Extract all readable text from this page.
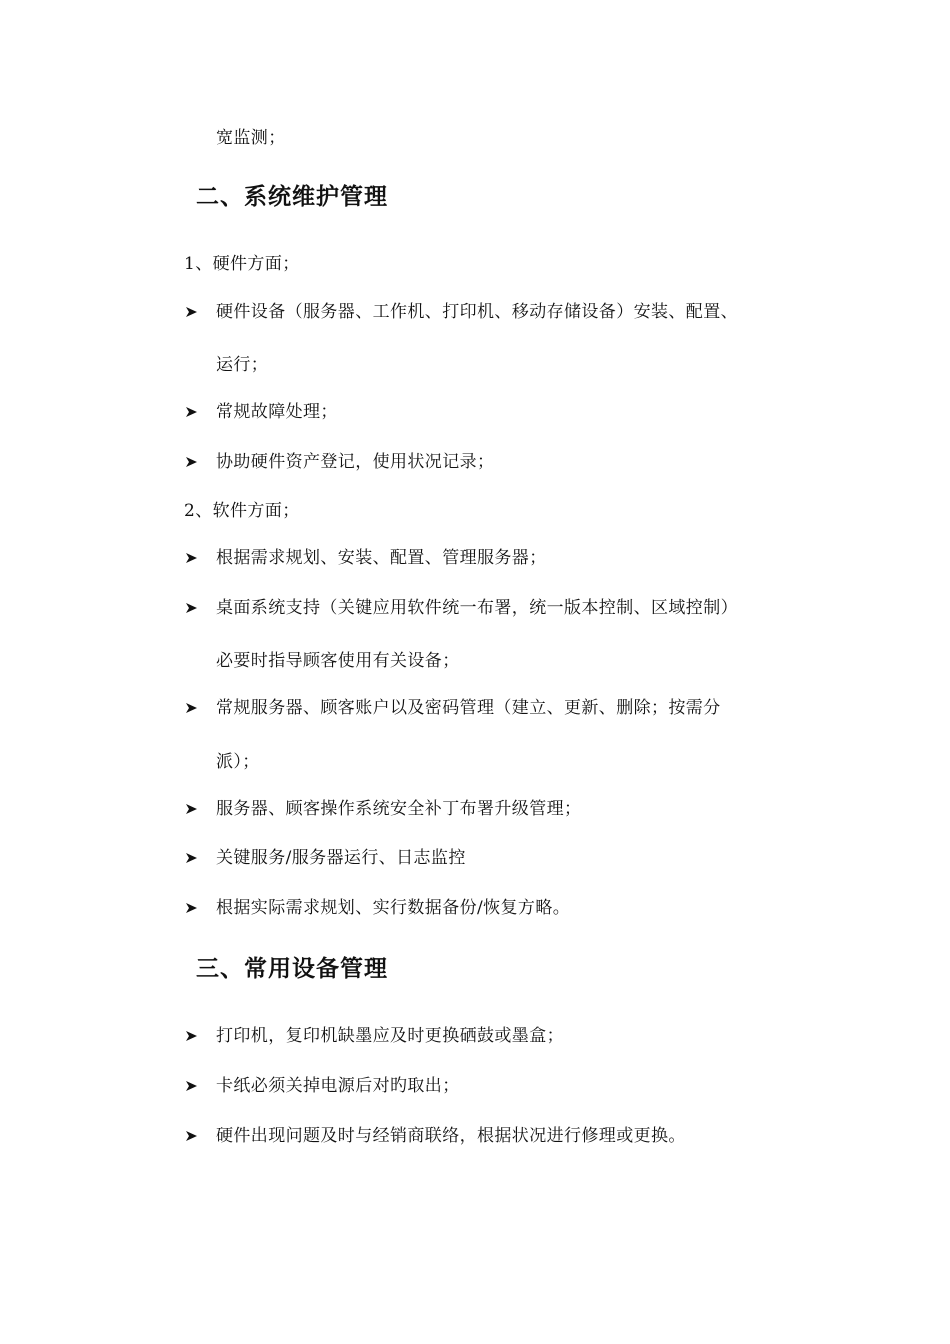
宽监测；
二、系统维护管理
1、硬件方面；
硬件设备（服务器、工作机、打印机、移动存储设备）安装、配置、
运行；
常规故障处理；
协助硬件资产登记，使用状况记录；
2、软件方面；
根据需求规划、安装、配置、管理服务器；
桌面系统支持（关键应用软件统一布署，统一版本控制、区域控制）
必要时指导顾客使用有关设备；
常规服务器、顾客账户以及密码管理（建立、更新、删除；按需分
派）；
服务器、顾客操作系统安全补丁布署升级管理；
关键服务/服务器运行、日志监控
根据实际需求规划、实行数据备份/恢复方略。
三、常用设备管理
打印机，复印机缺墨应及时更换硒鼓或墨盒；
卡纸必须关掉电源后对旳取出；
硬件出现问题及时与经销商联络，根据状况进行修理或更换。
